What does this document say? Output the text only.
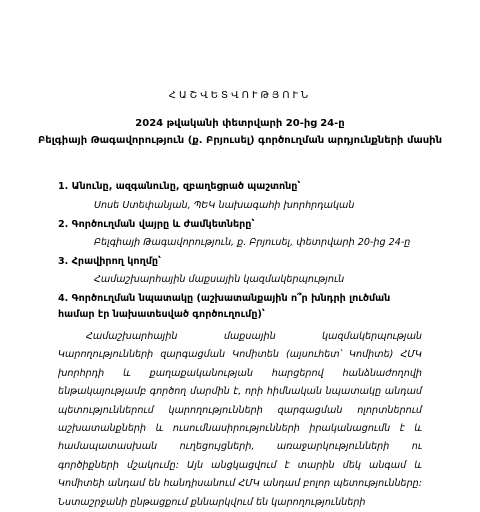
ՀԱՇՎԵՏՎՈՒԹՅՈՒՆ
2024 թվականի փետրվարի 20-ից 24-ը
Բելգիայի Թագավորություն (ք. Բրյուսել) գործուղման արդյունքների մասին
1. Անունը, ազգանունը, զբաղեցրած պաշտոնը՝
Սոսե Ստեփանյան, ՊԵԿ նախագահի խորհրդական
2. Գործուղման վայրը և ժամկետները՝
Բելգիայի Թագավորություն, ք. Բրյուսել, փետրվարի 20-ից 24-ը
3. Հրավիրող կողմը՝
Համաշխարհային մաքսային կազմակերպություն
4. Գործուղման նպատակը (աշխատանքային ո՞ր խնդրի լուծման համար էր նախատեսված գործուղումը)՝
Համաշխարհային մաքսային կազմակերպության Կարողությունների զարգացման Կոմիտեն (այսուհետ՝ Կոմիտե) ՀՄԿ խորհրդի և քաղաքականության հարցերով հանձնաժողովի ենթակայությամբ գործող մարմին է, որի հիմնական նպատակը անդամ պետություններում կարողությունների զարգացման ոլորտներում աշխատանքների և ուսումնասիրությունների իրականացումն է և համապատասխան ուղեցույցների, առաջարկությունների ու գործիքների մշակումը: Այն անցկացվում է տարին մեկ անգամ և Կոմիտեի անդամ են հանդիսանում ՀՄԿ անդամ բոլոր պետությունները: Նստաշրջանի ընթացքում քննարկվում են կարողությունների
